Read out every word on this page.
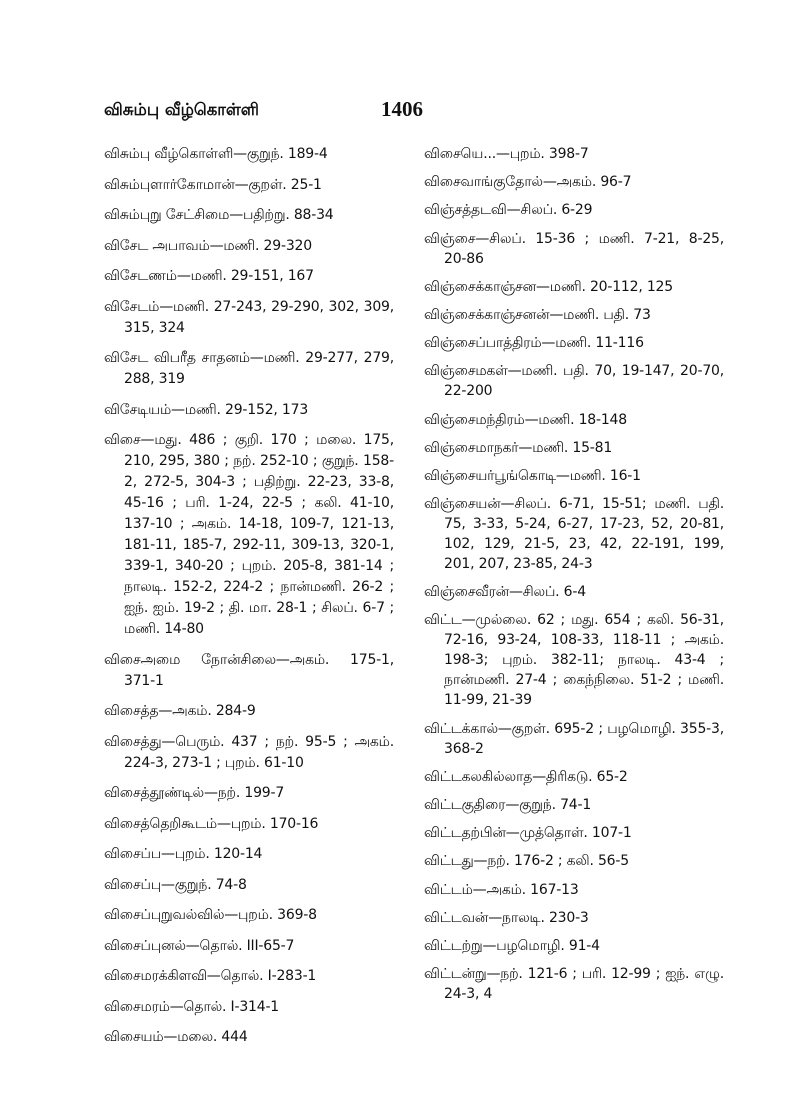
விசும்பு வீழ்கொள்ளி	1406
விசும்பு வீழ்கொள்ளி—குறுந். 189-4
விசும்புளார்கோமான்—குறள். 25-1
விசும்புறு சேட்சிமை—பதிற்று. 88-34
விசேட அபாவம்—மணி. 29-320
விசேடணம்—மணி. 29-151, 167
விசேடம்—மணி. 27-243, 29-290, 302, 309, 315, 324
விசேட விபரீத சாதனம்—மணி. 29-277, 279, 288, 319
விசேடியம்—மணி. 29-152, 173
விசை—மது. 486 ; குறி. 170 ; மலை. 175, 210, 295, 380 ; நற். 252-10 ; குறுந். 158-2, 272-5, 304-3 ; பதிற்று. 22-23, 33-8, 45-16 ; பரி. 1-24, 22-5 ; கலி. 41-10, 137-10 ; அகம். 14-18, 109-7, 121-13, 181-11, 185-7, 292-11, 309-13, 320-1, 339-1, 340-20 ; புறம். 205-8, 381-14 ; நாலடி. 152-2, 224-2 ; நான்மணி. 26-2 ; ஐந். ஐம். 19-2 ; தி. மா. 28-1 ; சிலப். 6-7 ; மணி. 14-80
விசைஅமை நோன்சிலை—அகம். 175-1, 371-1
விசைத்த—அகம். 284-9
விசைத்து—பெரும். 437 ; நற். 95-5 ; அகம். 224-3, 273-1 ; புறம். 61-10
விசைத்தூண்டில்—நற். 199-7
விசைத்தெறிகூடம்—புறம். 170-16
விசைப்ப—புறம். 120-14
விசைப்பு—குறுந். 74-8
விசைப்புறுவல்வில்—புறம். 369-8
விசைப்புனல்—தொல். III-65-7
விசைமரக்கிளவி—தொல். I-283-1
விசைமரம்—தொல். I-314-1
விசையம்—மலை. 444
விசையெ...—புறம். 398-7
விசைவாங்குதோல்—அகம். 96-7
விஞ்சத்தடவி—சிலப். 6-29
விஞ்சை—சிலப். 15-36 ; மணி. 7-21, 8-25, 20-86
விஞ்சைக்காஞ்சன—மணி. 20-112, 125
விஞ்சைக்காஞ்சனன்—மணி. பதி. 73
விஞ்சைப்பாத்திரம்—மணி. 11-116
விஞ்சைமகள்—மணி. பதி. 70, 19-147, 20-70, 22-200
விஞ்சைமந்திரம்—மணி. 18-148
விஞ்சைமாநகர்—மணி. 15-81
விஞ்சையர்பூங்கொடி—மணி. 16-1
விஞ்சையன்—சிலப். 6-71, 15-51; மணி. பதி. 75, 3-33, 5-24, 6-27, 17-23, 52, 20-81, 102, 129, 21-5, 23, 42, 22-191, 199, 201, 207, 23-85, 24-3
விஞ்சைவீரன்—சிலப். 6-4
விட்ட—முல்லை. 62 ; மது. 654 ; கலி. 56-31, 72-16, 93-24, 108-33, 118-11 ; அகம். 198-3; புறம். 382-11; நாலடி. 43-4 ; நான்மணி. 27-4 ; கைந்நிலை. 51-2 ; மணி. 11-99, 21-39
விட்டக்கால்—குறள். 695-2 ; பழமொழி. 355-3, 368-2
விட்டகலகில்லாத—திரிகடு. 65-2
விட்டகுதிரை—குறுந். 74-1
விட்டதற்பின்—முத்தொள். 107-1
விட்டது—நற். 176-2 ; கலி. 56-5
விட்டம்—அகம். 167-13
விட்டவன்—நாலடி. 230-3
விட்டற்று—பழமொழி. 91-4
விட்டன்று—நற். 121-6 ; பரி. 12-99 ; ஐந். எழு. 24-3, 4
